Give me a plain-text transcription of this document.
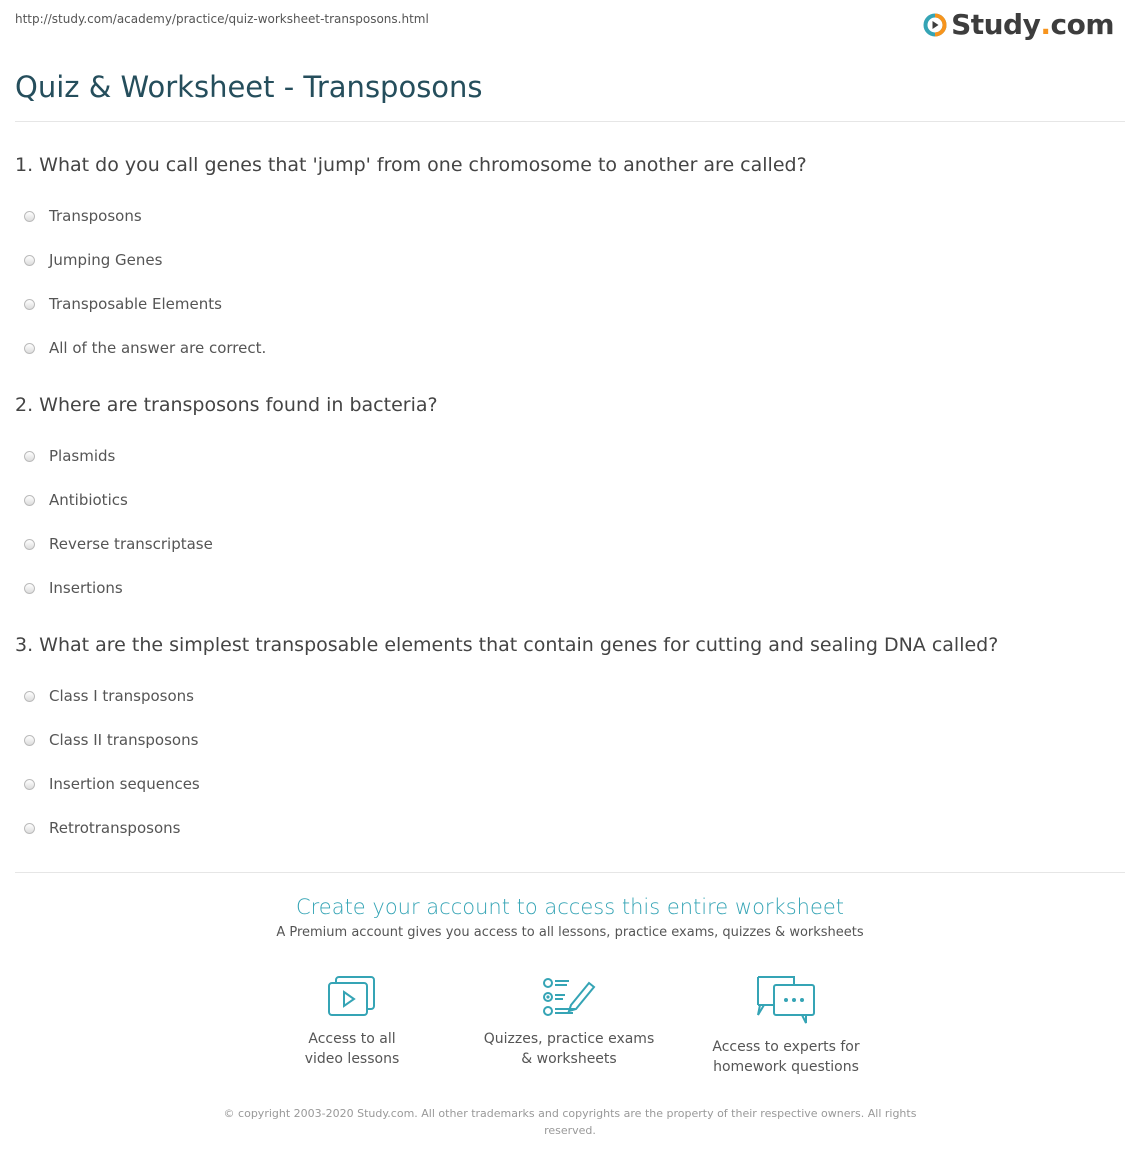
http://study.com/academy/practice/quiz-worksheet-transposons.html	Study . com
Quiz & Worksheet - Transposons
1. What do you call genes that 'jump' from one chromosome to another are called?
Transposons
Jumping Genes
Transposable Elements
All of the answer are correct.
2. Where are transposons found in bacteria?
Plasmids
Antibiotics
Reverse transcriptase
Insertions
3. What are the simplest transposable elements that contain genes for cutting and sealing DNA called?
Class I transposons
Class II transposons
Insertion sequences
Retrotransposons
Create your account to access this entire worksheet
A Premium account gives you access to all lessons, practice exams, quizzes & worksheets
Access to all
video lessons
Quizzes, practice exams
& worksheets
Access to experts for
homework questions
© copyright 2003-2020 Study.com. All other trademarks and copyrights are the property of their respective owners. All rights reserved.
